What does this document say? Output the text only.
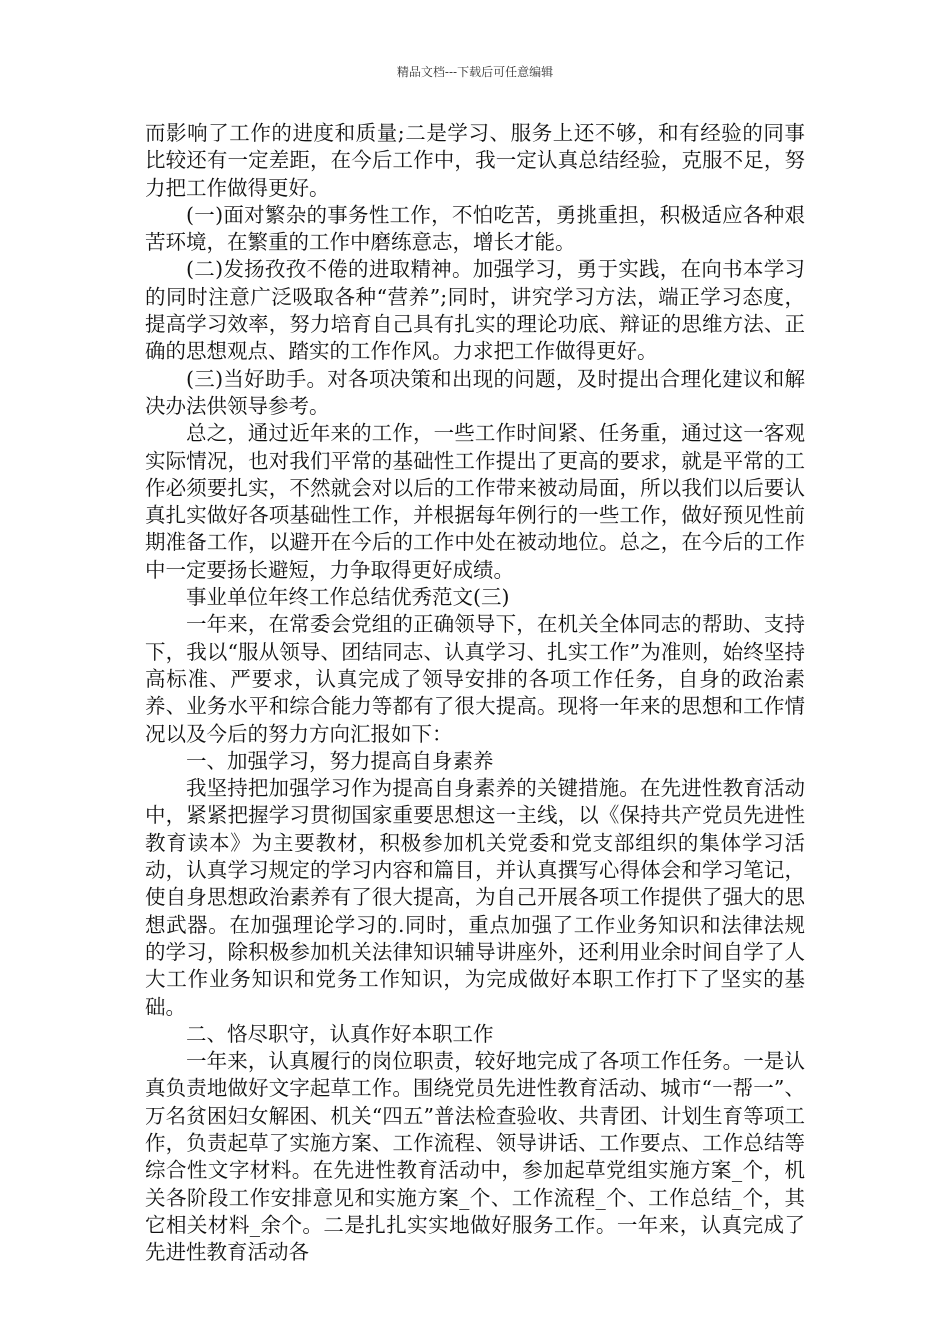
精品文档---下载后可任意编辑

而影响了工作的进度和质量;二是学习、服务上还不够，和有经验的同事比较还有一定差距，在今后工作中，我一定认真总结经验，克服不足，努力把工作做得更好。

(一)面对繁杂的事务性工作，不怕吃苦，勇挑重担，积极适应各种艰苦环境，在繁重的工作中磨练意志，增长才能。

(二)发扬孜孜不倦的进取精神。加强学习，勇于实践，在向书本学习的同时注意广泛吸取各种“营养”;同时，讲究学习方法，端正学习态度，提高学习效率，努力培育自己具有扎实的理论功底、辩证的思维方法、正确的思想观点、踏实的工作作风。力求把工作做得更好。

(三)当好助手。对各项决策和出现的问题，及时提出合理化建议和解决办法供领导参考。

总之，通过近年来的工作，一些工作时间紧、任务重，通过这一客观实际情况，也对我们平常的基础性工作提出了更高的要求，就是平常的工作必须要扎实，不然就会对以后的工作带来被动局面，所以我们以后要认真扎实做好各项基础性工作，并根据每年例行的一些工作，做好预见性前期准备工作，以避开在今后的工作中处在被动地位。总之，在今后的工作中一定要扬长避短，力争取得更好成绩。

事业单位年终工作总结优秀范文(三)

一年来，在常委会党组的正确领导下，在机关全体同志的帮助、支持下，我以“服从领导、团结同志、认真学习、扎实工作”为准则，始终坚持高标准、严要求，认真完成了领导安排的各项工作任务，自身的政治素养、业务水平和综合能力等都有了很大提高。现将一年来的思想和工作情况以及今后的努力方向汇报如下：

一、加强学习，努力提高自身素养

我坚持把加强学习作为提高自身素养的关键措施。在先进性教育活动中，紧紧把握学习贯彻国家重要思想这一主线，以《保持共产党员先进性教育读本》为主要教材，积极参加机关党委和党支部组织的集体学习活动，认真学习规定的学习内容和篇目，并认真撰写心得体会和学习笔记，使自身思想政治素养有了很大提高，为自己开展各项工作提供了强大的思想武器。在加强理论学习的.同时，重点加强了工作业务知识和法律法规的学习，除积极参加机关法律知识辅导讲座外，还利用业余时间自学了人大工作业务知识和党务工作知识，为完成做好本职工作打下了坚实的基础。

二、恪尽职守，认真作好本职工作

一年来，认真履行的岗位职责，较好地完成了各项工作任务。一是认真负责地做好文字起草工作。围绕党员先进性教育活动、城市“一帮一”、万名贫困妇女解困、机关“四五”普法检查验收、共青团、计划生育等项工作，负责起草了实施方案、工作流程、领导讲话、工作要点、工作总结等综合性文字材料。在先进性教育活动中，参加起草党组实施方案_个，机关各阶段工作安排意见和实施方案_个、工作流程_个、工作总结_个，其它相关材料_余个。二是扎扎实实地做好服务工作。一年来，认真完成了先进性教育活动各
